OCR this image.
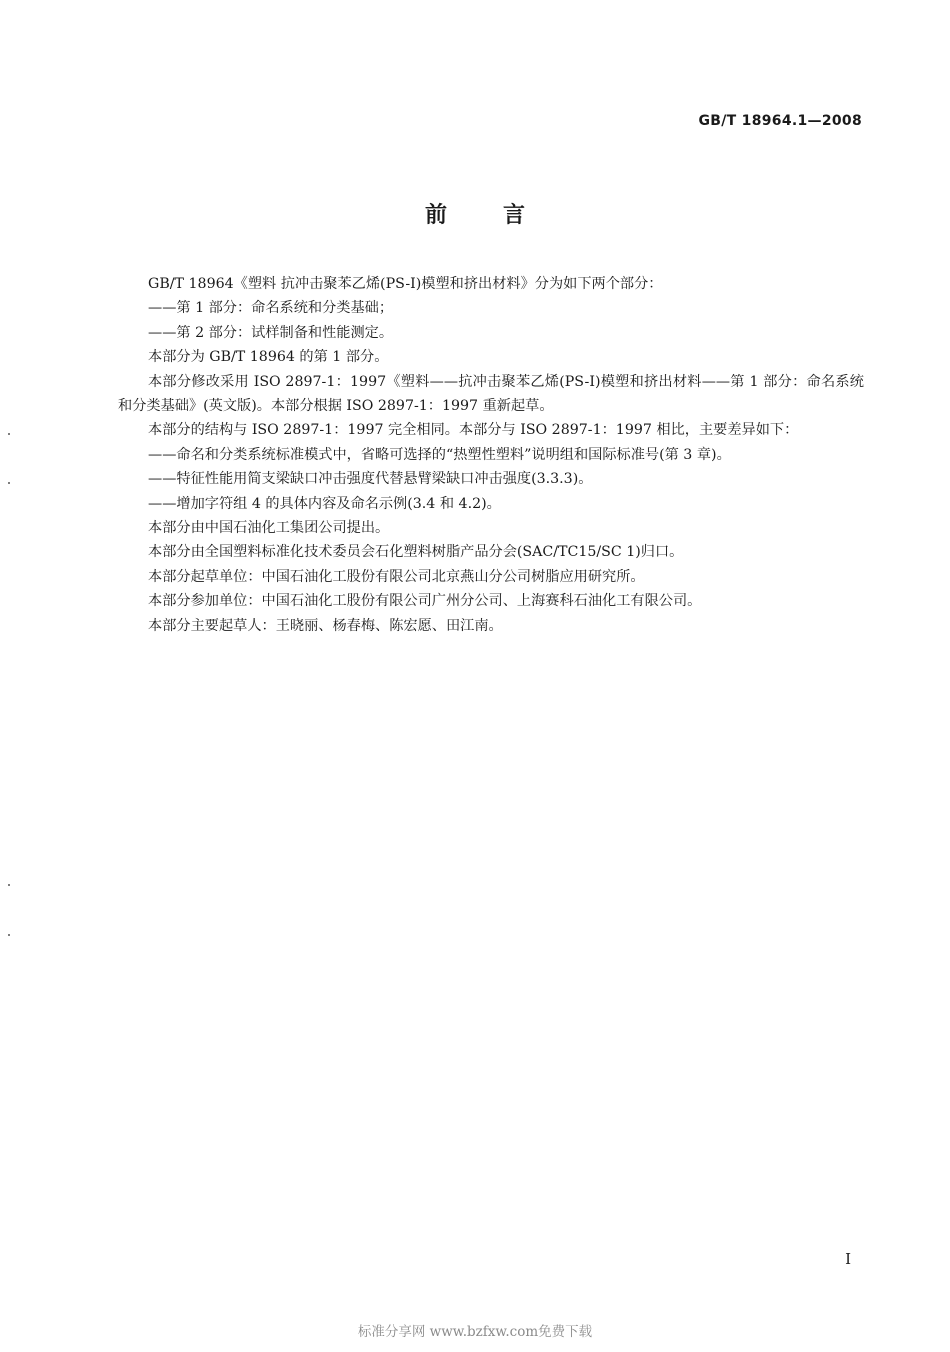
GB/T 18964.1—2008
前言

GB/T 18964《塑料 抗冲击聚苯乙烯(PS-I)模塑和挤出材料》分为如下两个部分：

——第 1 部分：命名系统和分类基础；

——第 2 部分：试样制备和性能测定。

本部分为 GB/T 18964 的第 1 部分。

本部分修改采用 ISO 2897-1：1997《塑料——抗冲击聚苯乙烯(PS-I)模塑和挤出材料——第 1 部分：命名系统和分类基础》(英文版)。本部分根据 ISO 2897-1：1997 重新起草。

本部分的结构与 ISO 2897-1：1997 完全相同。本部分与 ISO 2897-1：1997 相比，主要差异如下：

——命名和分类系统标准模式中，省略可选择的“热塑性塑料”说明组和国际标准号(第 3 章)。

——特征性能用简支梁缺口冲击强度代替悬臂梁缺口冲击强度(3.3.3)。

——增加字符组 4 的具体内容及命名示例(3.4 和 4.2)。

本部分由中国石油化工集团公司提出。

本部分由全国塑料标准化技术委员会石化塑料树脂产品分会(SAC/TC15/SC 1)归口。

本部分起草单位：中国石油化工股份有限公司北京燕山分公司树脂应用研究所。

本部分参加单位：中国石油化工股份有限公司广州分公司、上海赛科石油化工有限公司。

本部分主要起草人：王晓丽、杨春梅、陈宏愿、田江南。

I
标准分享网 www.bzfxw.com免费下载
